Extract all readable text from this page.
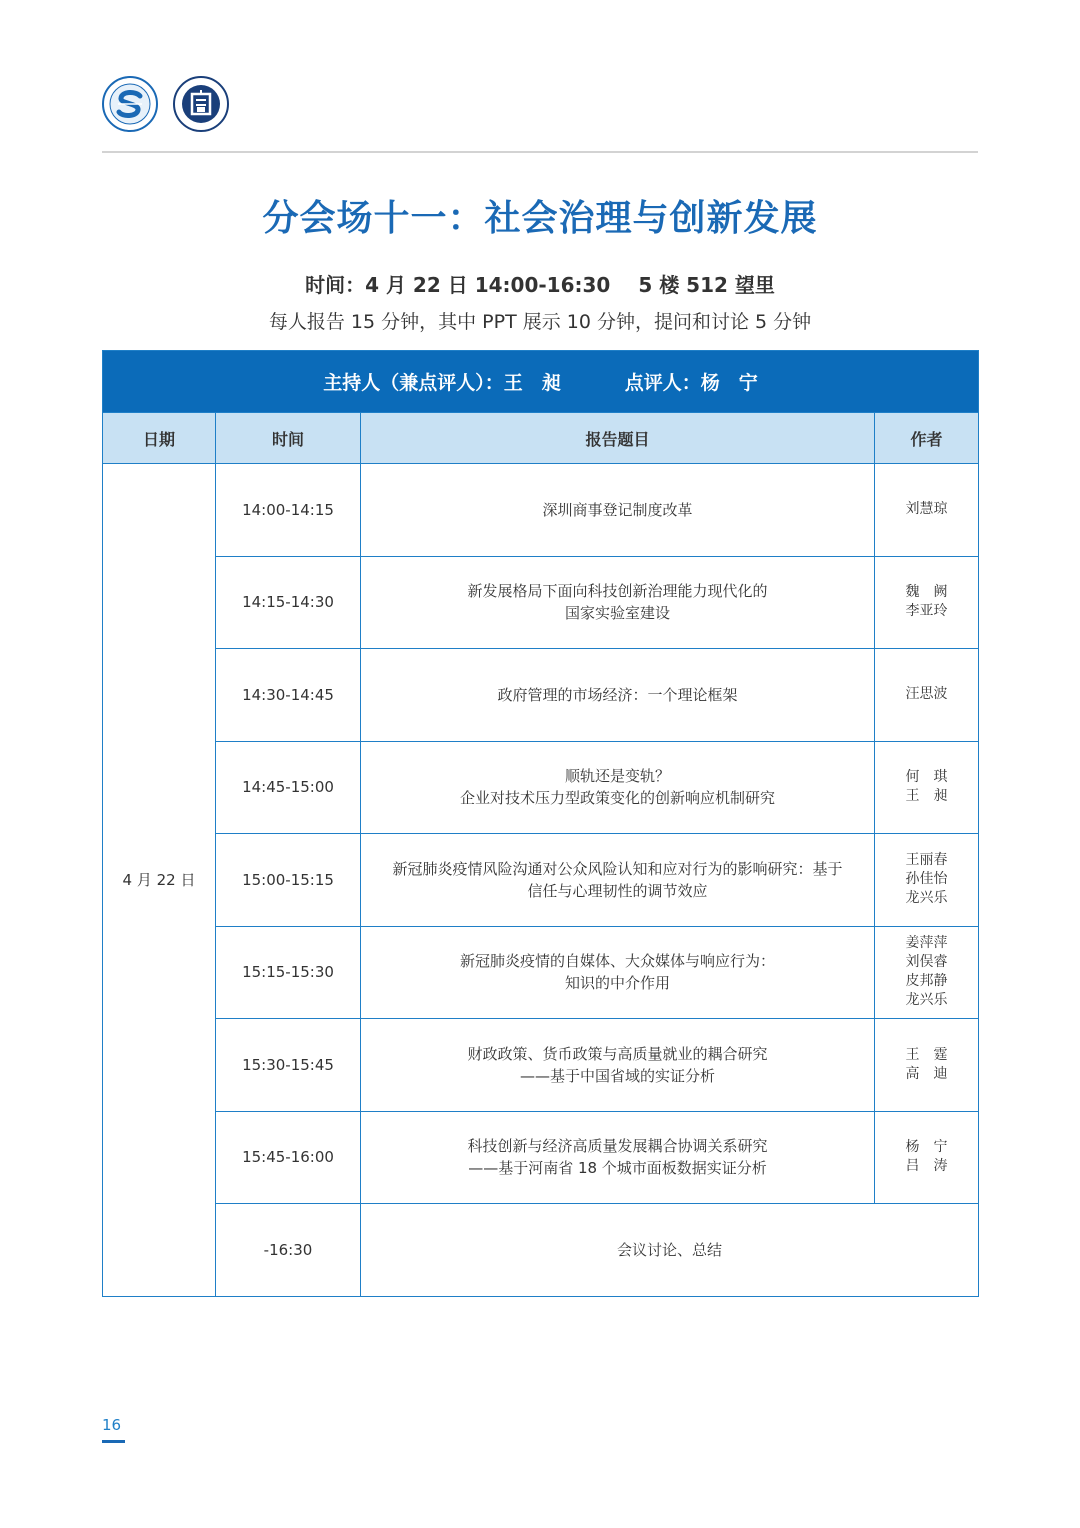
分会场十一：社会治理与创新发展
时间：4 月 22 日 14:00-16:30 5 楼 512 望里
每人报告 15 分钟，其中 PPT 展示 10 分钟，提问和讨论 5 分钟
主持人（兼点评人）：王　昶 点评人：杨　宁			
日期	时间	报告题目	作者
4 月 22 日	14:00-14:15	深圳商事登记制度改革	刘慧琼

	14:15-14:30	新发展格局下面向科技创新治理能力现代化的
国家实验室建设	魏　阙
李亚玲

	14:30-14:45	政府管理的市场经济：一个理论框架	汪思波

	14:45-15:00	顺轨还是变轨？
企业对技术压力型政策变化的创新响应机制研究	何　琪
王　昶

	15:00-15:15	新冠肺炎疫情风险沟通对公众风险认知和应对行为的影响研究：基于
信任与心理韧性的调节效应	王丽春
孙佳怡
龙兴乐

	15:15-15:30	新冠肺炎疫情的自媒体、大众媒体与响应行为：
知识的中介作用	姜萍萍
刘俣睿
皮邦静
龙兴乐

	15:30-15:45	财政政策、货币政策与高质量就业的耦合研究
——基于中国省域的实证分析	王　霆
高　迪

	15:45-16:00	科技创新与经济高质量发展耦合协调关系研究
——基于河南省 18 个城市面板数据实证分析	杨　宁
吕　涛

	-16:30	会议讨论、总结	
16
